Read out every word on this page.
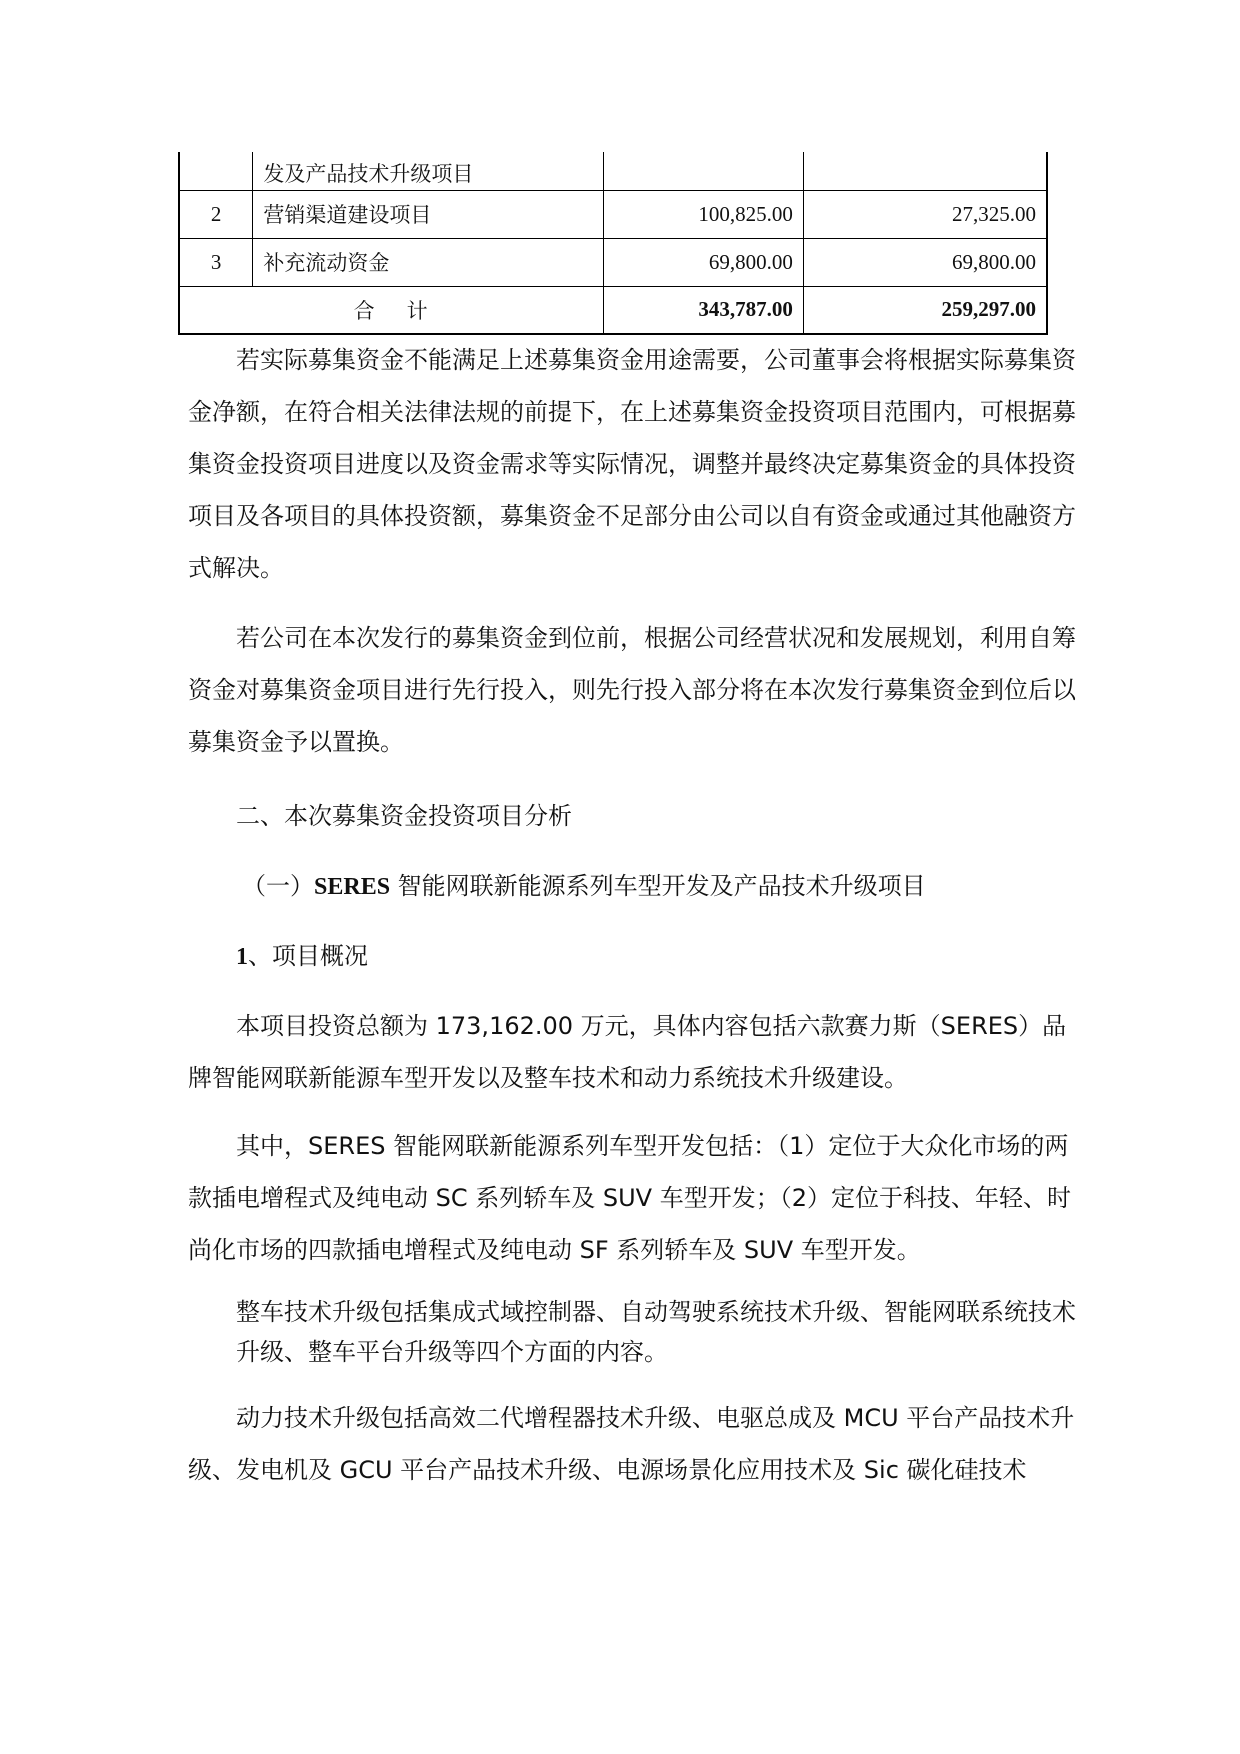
	发及产品技术升级项目		
2	营销渠道建设项目	100,825.00	27,325.00
3	补充流动资金	69,800.00	69,800.00
合 计		343,787.00	259,297.00

若实际募集资金不能满足上述募集资金用途需要，公司董事会将根据实际募集资金净额，在符合相关法律法规的前提下，在上述募集资金投资项目范围内，可根据募集资金投资项目进度以及资金需求等实际情况，调整并最终决定募集资金的具体投资项目及各项目的具体投资额，募集资金不足部分由公司以自有资金或通过其他融资方式解决。

若公司在本次发行的募集资金到位前，根据公司经营状况和发展规划，利用自筹资金对募集资金项目进行先行投入，则先行投入部分将在本次发行募集资金到位后以募集资金予以置换。

二、本次募集资金投资项目分析

（一）SERES 智能网联新能源系列车型开发及产品技术升级项目

1、项目概况

本项目投资总额为 173,162.00 万元，具体内容包括六款赛力斯（SERES）品牌智能网联新能源车型开发以及整车技术和动力系统技术升级建设。

其中，SERES 智能网联新能源系列车型开发包括：（1）定位于大众化市场的两款插电增程式及纯电动 SC 系列轿车及 SUV 车型开发；（2）定位于科技、年轻、时尚化市场的四款插电增程式及纯电动 SF 系列轿车及 SUV 车型开发。

整车技术升级包括集成式域控制器、自动驾驶系统技术升级、智能网联系统技术升级、整车平台升级等四个方面的内容。

动力技术升级包括高效二代增程器技术升级、电驱总成及 MCU 平台产品技术升级、发电机及 GCU 平台产品技术升级、电源场景化应用技术及 Sic 碳化硅技术
